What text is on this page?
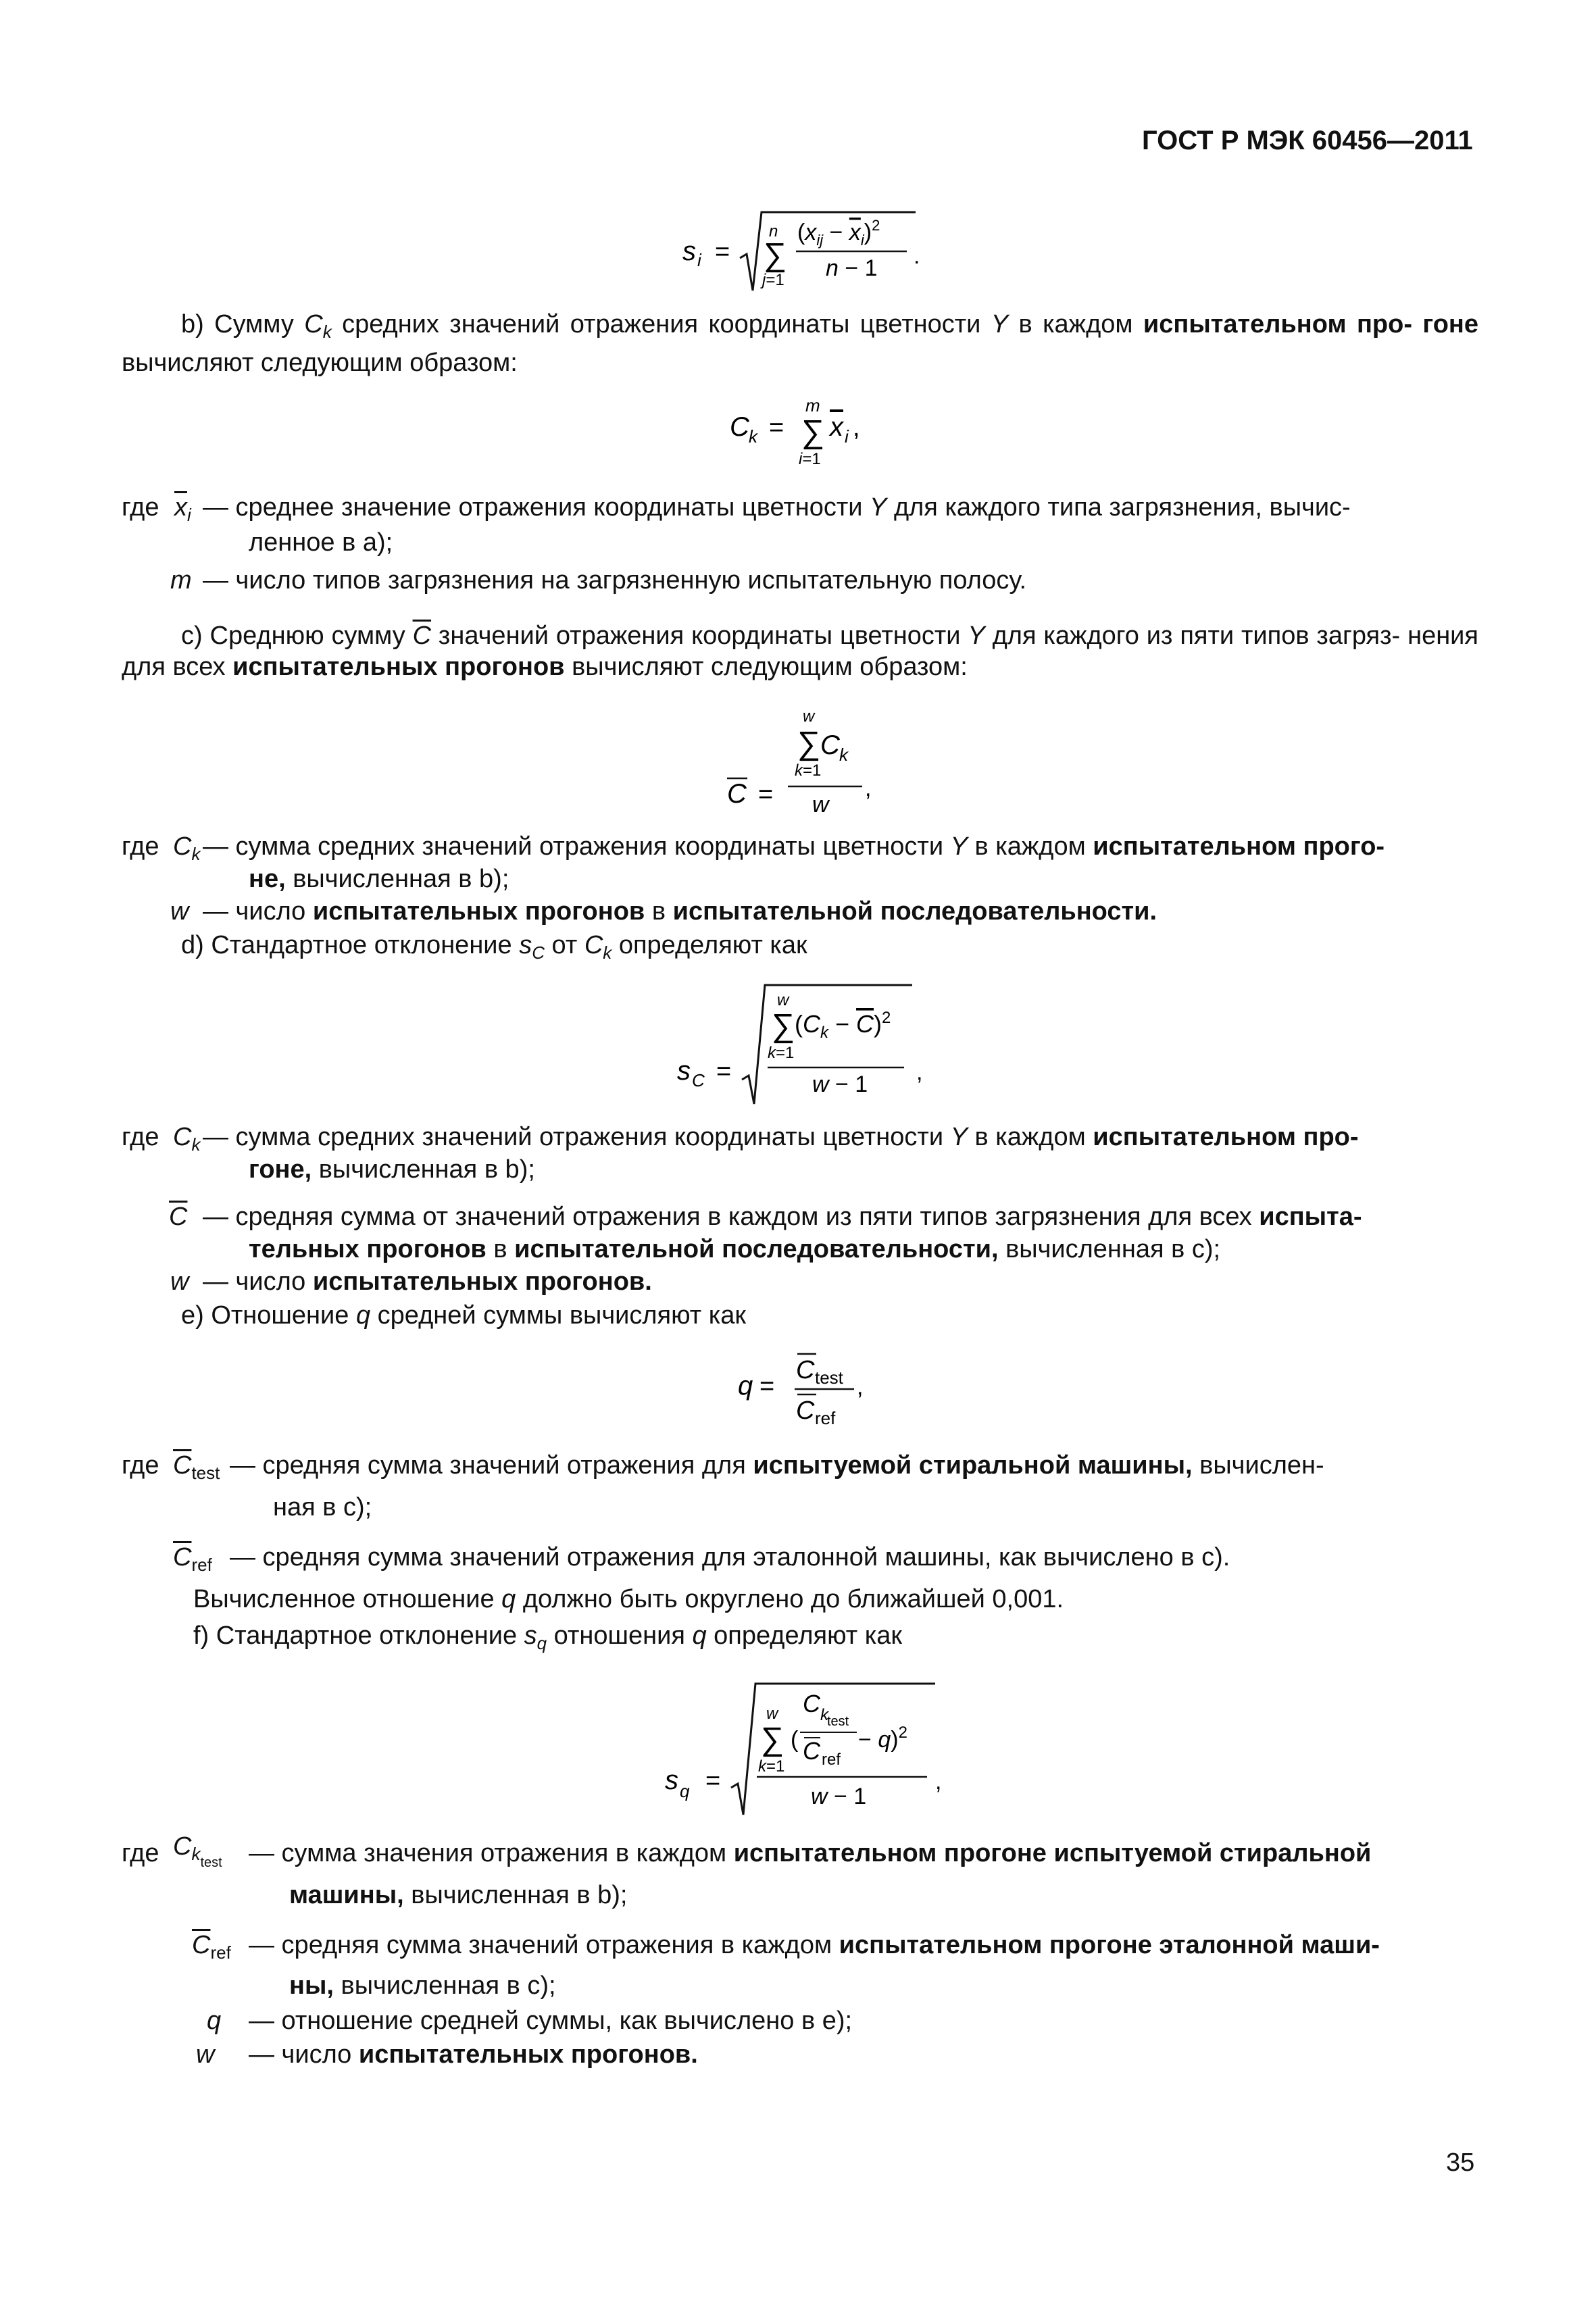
ГОСТ Р МЭК 60456—2011
s i =
n
∑
j=1
$(x_{ij} - x_i)^2$
n − 1 .
b) Сумму $C_k$ средних значений отражения координаты цветности Y в каждом испытательном про- гоне вычисляют следующим образом:
C k =
m
∑
i=1
x i ,
где $\overline{x}_i$ — среднее значение отражения координаты цветности Y для каждого типа загрязнения, вычис-
ленное в а);
m — число типов загрязнения на загрязненную испытательную полосу.
с) Среднюю сумму $\overline{C}$ значений отражения координаты цветности Y для каждого из пяти типов загряз- нения для всех испытательных прогонов вычисляют следующим образом:
C =
w
∑ C k
k=1
w
,
где $C_k$ — сумма средних значений отражения координаты цветности Y в каждом испытательном прого-
не, вычисленная в b);
w — число испытательных прогонов в испытательной последовательности.
d) Стандартное отклонение $s_C$ от $C_k$ определяют как
s C =
w
∑ $(C_k - C)^2$
k=1
w − 1 ,
где $C_k$ — сумма средних значений отражения координаты цветности Y в каждом испытательном про-
гоне, вычисленная в b);
$\overline{C}$ — средняя сумма от значений отражения в каждом из пяти типов загрязнения для всех испыта-
тельных прогонов в испытательной последовательности, вычисленная в с);
w — число испытательных прогонов.
е) Отношение q средней суммы вычисляют как
q =
C test
C ref
,
где $\overline{C}_{test}$ — средняя сумма значений отражения для испытуемой стиральной машины, вычислен-
ная в с);
$\overline{C}_{ref}$ — средняя сумма значений отражения для эталонной машины, как вычислено в с).
Вычисленное отношение q должно быть округлено до ближайшей 0,001.
f) Стандартное отклонение $s_q$ отношения q определяют как
s q =
w
∑
k=1
(
C k
test
C ref
− q)$^2$
w − 1
,
где $C_{ktest}$ — сумма значения отражения в каждом испытательном прогоне испытуемой стиральной
машины, вычисленная в b);
$\overline{C}_{ref}$ — средняя сумма значений отражения в каждом испытательном прогоне эталонной маши-
ны, вычисленная в с);
q — отношение средней суммы, как вычислено в е);
w — число испытательных прогонов.
35
